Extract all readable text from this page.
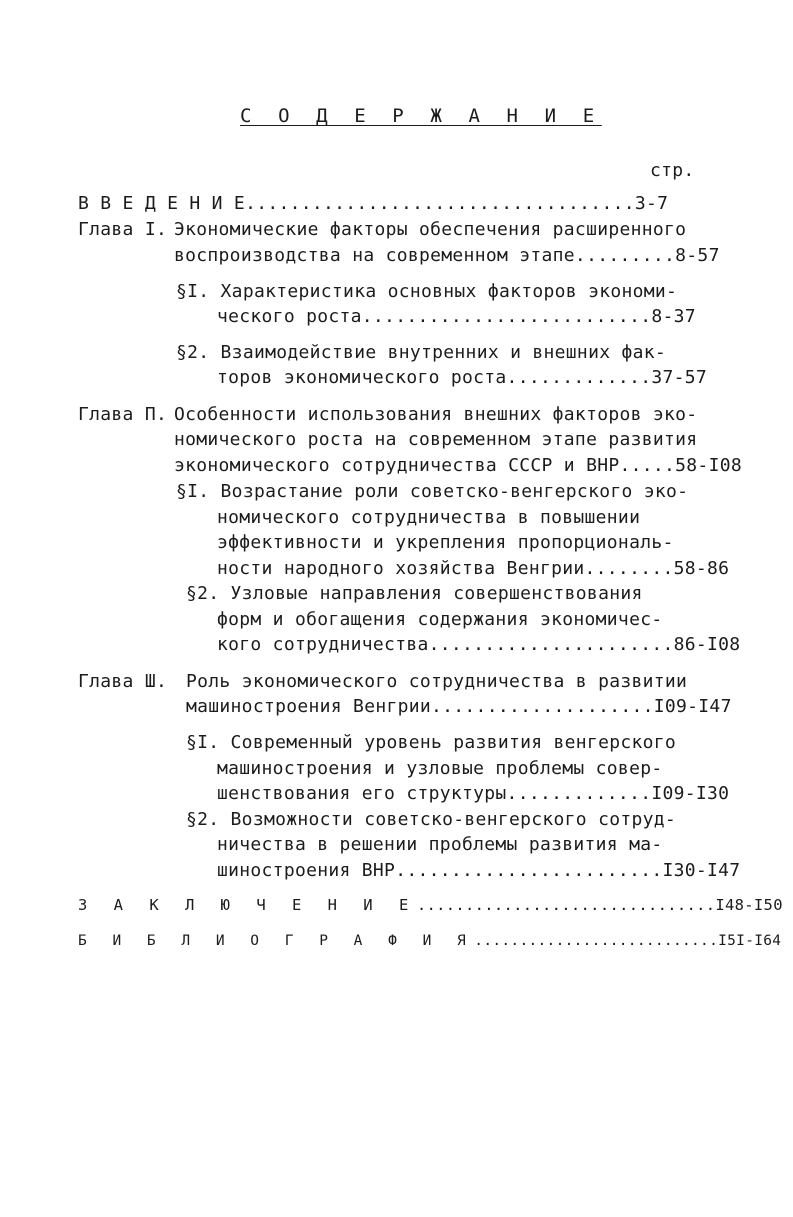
С О Д Е Р Ж А Н И Е
стр.
В В Е Д Е Н И Е...................................3-7
Глава I. Экономические факторы обеспечения расширенного
воспроизводства на современном этапе.........8-57
§I. Характеристика основных факторов экономи-
ческого роста..........................8-37
§2. Взаимодействие внутренних и внешних фак-
торов экономического роста.............37-57
Глава П. Особенности использования внешних факторов эко-
номического роста на современном этапе развития
экономического сотрудничества СССР и ВНР.....58-I08
§I. Возрастание роли советско-венгерского эко-
номического сотрудничества в повышении
эффективности и укрепления пропорциональ-
ности народного хозяйства Венгрии........58-86
§2. Узловые направления совершенствования
форм и обогащения содержания экономичес-
кого сотрудничества......................86-I08
Глава Ш. Роль экономического сотрудничества в развитии
машиностроения Венгрии....................I09-I47
§I. Современный уровень развития венгерского
машиностроения и узловые проблемы совер-
шенствования его структуры.............I09-I30
§2. Возможности советско-венгерского сотруд-
ничества в решении проблемы развития ма-
шиностроения ВНР........................I30-I47
З А К Л Ю Ч Е Н И Е...............................I48-I50
Б И Б Л И О Г Р А Ф И Я...........................I5I-I64
